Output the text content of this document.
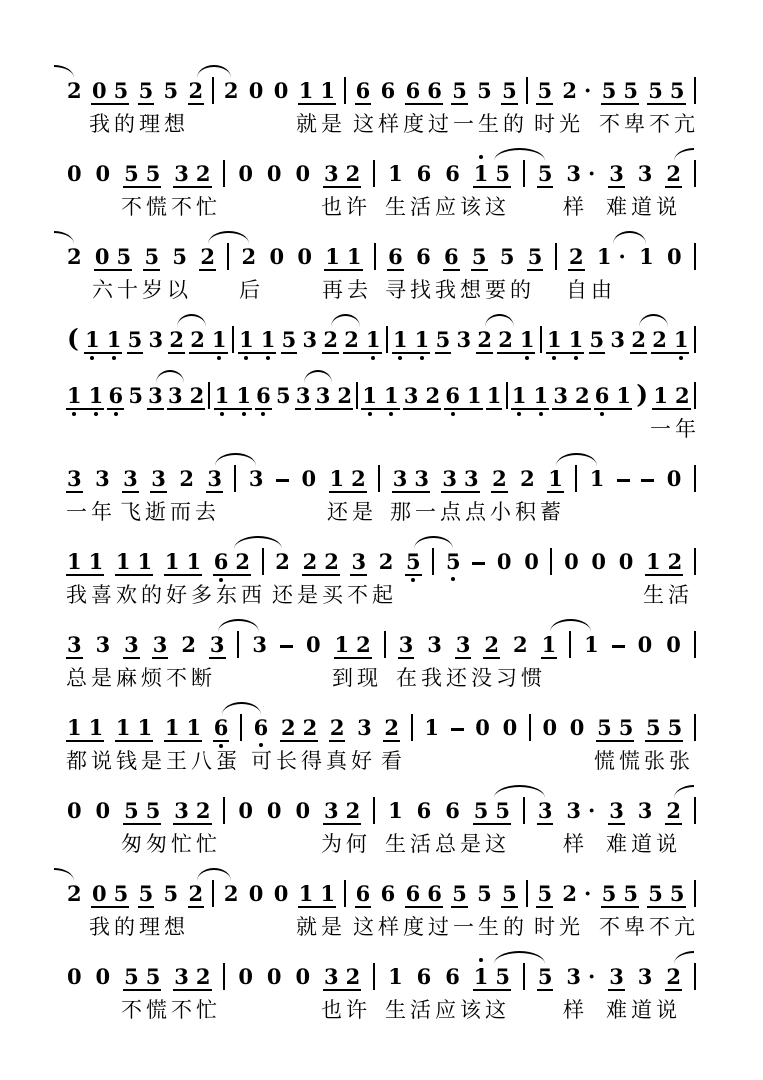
2 0 5 5 5 2 2 0 0 1 1 6 6 6 6 5 5 5 5 2 · 5 5 5 5
我的理想	就是 这样度过一生的 时光 不卑不亢
0 0 5 5 3 2 0 0 0 3 2 1 6 6 1 5 5 3 · 3 3 2
不慌不忙	也许 生活应该这	样 难道说
2 0 5 5 5 2 2 0 0 1 1 6 6 6 5 5 5 2 1 · 1 0
六十岁以 后	再去 寻找我想要的 自由
( 1 1 5 3 2 2 1 1 1 5 3 2 2 1 1 1 5 3 2 2 1 1 1 5 3 2 2 1
1 1 6 5 3 3 2 1 1 6 5 3 3 2 1 1 3 2 6 1 1 1 1 3 2 6 1 ) 1 2
一年
3 3 3 3 2 3 3 0 1 2 3 3 3 3 2 2 1 1	0
一年 飞逝而去	还是 那一点点小积蓄
1 1 1 1 1 1 6 2 2 2 2 3 2 5 5 0 0 0 0 0 1 2
我喜欢的好多东西 还是买不起	生活
3 3 3 3 2 3 3 0 1 2 3 3 3 2 2 1 1 0 0
总是麻烦不断	到现 在我还没习惯
1 1 1 1 1 1 6 6 2 2 2 3 2 1 0 0 0 0 5 5 5 5
都说钱是王八蛋 可长得真好 看	慌慌张张
0 0 5 5 3 2 0 0 0 3 2 1 6 6 5 5 3 3 · 3 3 2
匆匆忙忙	为何 生活总是这	样 难道说
2 0 5 5 5 2 2 0 0 1 1 6 6 6 6 5 5 5 5 2 · 5 5 5 5
我的理想	就是 这样度过一生的 时光 不卑不亢
0 0 5 5 3 2 0 0 0 3 2 1 6 6 1 5 5 3 · 3 3 2
不慌不忙	也许 生活应该这	样 难道说
